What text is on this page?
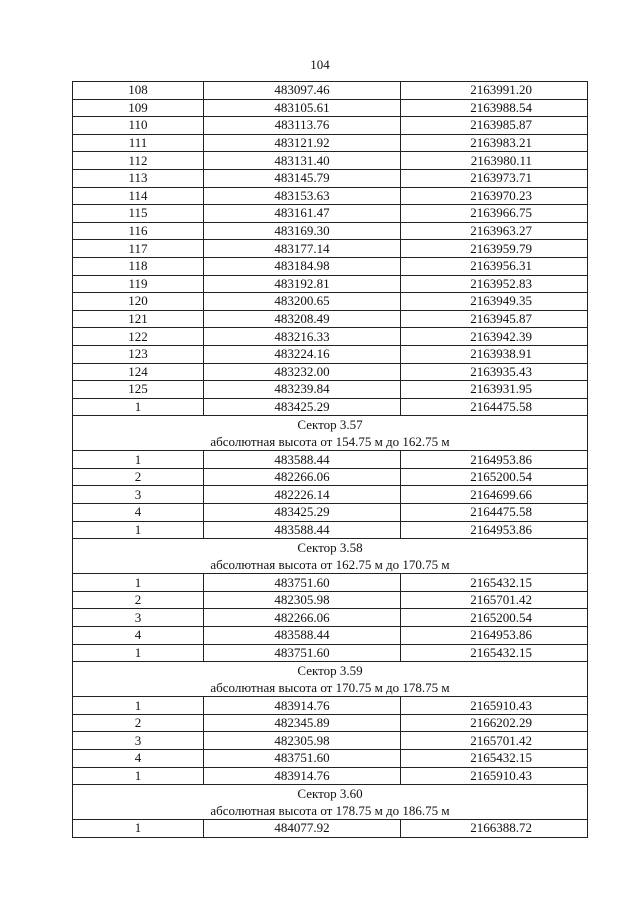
104
108	483097.46	2163991.20
109	483105.61	2163988.54
110	483113.76	2163985.87
111	483121.92	2163983.21
112	483131.40	2163980.11
113	483145.79	2163973.71
114	483153.63	2163970.23
115	483161.47	2163966.75
116	483169.30	2163963.27
117	483177.14	2163959.79
118	483184.98	2163956.31
119	483192.81	2163952.83
120	483200.65	2163949.35
121	483208.49	2163945.87
122	483216.33	2163942.39
123	483224.16	2163938.91
124	483232.00	2163935.43
125	483239.84	2163931.95
1	483425.29	2164475.58

Сектор 3.57
абсолютная высота от 154.75 м до 162.75 м		

1	483588.44	2164953.86
2	482266.06	2165200.54
3	482226.14	2164699.66
4	483425.29	2164475.58
1	483588.44	2164953.86

Сектор 3.58
абсолютная высота от 162.75 м до 170.75 м		

1	483751.60	2165432.15
2	482305.98	2165701.42
3	482266.06	2165200.54
4	483588.44	2164953.86
1	483751.60	2165432.15

Сектор 3.59
абсолютная высота от 170.75 м до 178.75 м		

1	483914.76	2165910.43
2	482345.89	2166202.29
3	482305.98	2165701.42
4	483751.60	2165432.15
1	483914.76	2165910.43

Сектор 3.60
абсолютная высота от 178.75 м до 186.75 м		

1	484077.92	2166388.72
